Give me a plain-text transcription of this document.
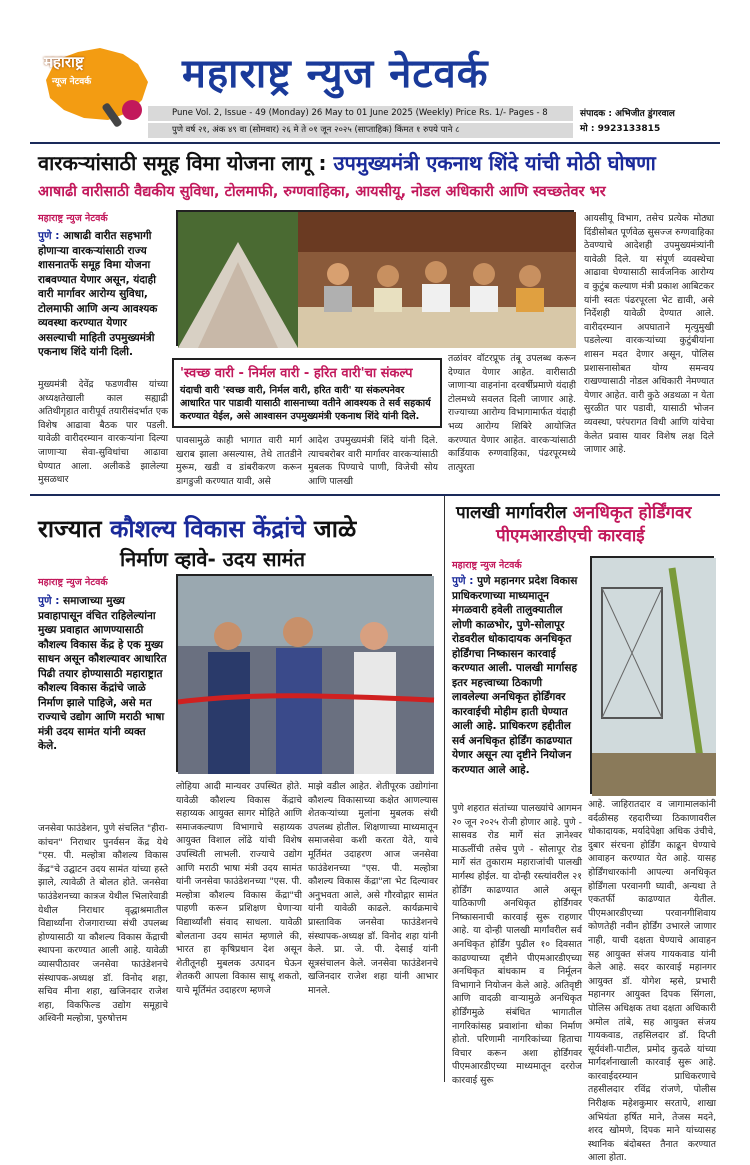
महाराष्ट्र
न्यूज नेटवर्क महाराष्ट्र न्युज नेटवर्क
Pune Vol. 2, Issue - 49 (Monday) 26 May to 01 June 2025 (Weekly) Price Rs. 1/- Pages - 8
पुणे वर्ष २१, अंक ४९ वा (सोमवार) २६ मे ते ०१ जून २०२५ (साप्ताहिक) किंमत १ रुपये पाने ८
संपादक : अभिजीत डुंगरवाल
मो : 9923133815
वारकऱ्यांसाठी समूह विमा योजना लागू : उपमुख्यमंत्री एकनाथ शिंदे यांची मोठी घोषणा
आषाढी वारीसाठी वैद्यकीय सुविधा, टोलमाफी, रुग्णवाहिका, आयसीयू, नोडल अधिकारी आणि स्वच्छतेवर भर
महाराष्ट्र न्युज नेटवर्क
पुणे : आषाढी वारीत सहभागी होणाऱ्या वारकऱ्यांसाठी राज्य शासनातर्फे समूह विमा योजना राबवण्यात येणार असून, यंदाही वारी मार्गावर आरोग्य सुविधा, टोलमाफी आणि अन्य आवश्यक व्यवस्था करण्यात येणार असल्याची माहिती उपमुख्यमंत्री एकनाथ शिंदे यांनी दिली.
मुख्यमंत्री देवेंद्र फडणवीस यांच्या अध्यक्षतेखाली काल सह्याद्री अतिथीगृहात वारीपूर्व तयारीसंदर्भात एक विशेष आढावा बैठक पार पडली. यावेळी वारीदरम्यान वारकऱ्यांना दिल्या जाणाऱ्या सेवा-सुविधांचा आढावा घेण्यात आला. अलीकडे झालेल्या मुसळधार
'स्वच्छ वारी - निर्मल वारी - हरित वारी'चा संकल्प
यंदाची वारी 'स्वच्छ वारी, निर्मल वारी, हरित वारी' या संकल्पनेवर आधारित पार पाडावी यासाठी शासनाच्या वतीने आवश्यक ते सर्व सहकार्य करण्यात येईल, असे आश्वासन उपमुख्यमंत्री एकनाथ शिंदे यांनी दिले.
पावसामुळे काही भागात वारी मार्ग खराब झाला असल्यास, तेथे तातडीने मुरूम, खडी व डांबरीकरण करून डागडुजी करण्यात यावी, असे
आदेश उपमुख्यमंत्री शिंदे यांनी दिले. त्याचबरोबर वारी मार्गावर वारकऱ्यांसाठी मुबलक पिण्याचे पाणी, विजेची सोय आणि पालखी
तळांवर वॉटरप्रूफ तंबू उपलब्ध करून देण्यात येणार आहेत. वारीसाठी जाणाऱ्या वाहनांना दरवर्षीप्रमाणे यंदाही टोलमध्ये सवलत दिली जाणार आहे. राज्याच्या आरोग्य विभागामार्फत यंदाही भव्य आरोग्य शिबिरे आयोजित करण्यात येणार आहेत. वारकऱ्यांसाठी कार्डियाक रुग्णवाहिका, पंढरपूरमध्ये तात्पुरता
आयसीयू विभाग, तसेच प्रत्येक मोठ्या दिंडीसोबत पूर्णवेळ सुसज्ज रुग्णवाहिका ठेवण्याचे आदेशही उपमुख्यमंत्र्यांनी यावेळी दिले. या संपूर्ण व्यवस्थेचा आढावा घेण्यासाठी सार्वजनिक आरोग्य व कुटुंब कल्याण मंत्री प्रकाश आबिटकर यांनी स्वतः पंढरपूरला भेट द्यावी, असे निर्देशही यावेळी देण्यात आले. वारीदरम्यान अपघाताने मृत्युमुखी पडलेल्या वारकऱ्यांच्या कुटुंबीयांना शासन मदत देणार असून, पोलिस प्रशासनासोबत योग्य समन्वय राखण्यासाठी नोडल अधिकारी नेमण्यात येणार आहेत. वारी कुठे अडथळा न येता सुरळीत पार पडावी, यासाठी भोजन व्यवस्था, परंपरागत विधी आणि यांचेचा केलेत प्रवास यावर विशेष लक्ष दिले जाणार आहे.
राज्यात कौशल्य विकास केंद्रांचे जाळे
निर्माण व्हावे- उदय सामंत
महाराष्ट्र न्युज नेटवर्क
पुणे : समाजाच्या मुख्य प्रवाहापासून वंचित राहिलेल्यांना मुख्य प्रवाहात आणण्यासाठी कौशल्य विकास केंद्र हे एक मुख्य साधन असून कौशल्यावर आधारित पिढी तयार होण्यासाठी महाराष्ट्रात कौशल्य विकास केंद्रांचे जाळे निर्माण झाले पाहिजे, असे मत राज्याचे उद्योग आणि मराठी भाषा मंत्री उदय सामंत यांनी व्यक्त केले.
जनसेवा फाउंडेशन, पुणे संचलित "हीरा-कांचन" निराधार पुनर्वसन केंद्र येथे "एस. पी. मल्होत्रा कौशल्य विकास केंद्र"चे उद्घाटन उदय सामंत यांच्या हस्ते झाले, त्यावेळी ते बोलत होते. जनसेवा फाउंडेशनच्या कात्रज येथील भिलारेवाडी येथील निराधार वृद्धाश्रमातील विद्यार्थ्यांना रोजगाराच्या संधी उपलब्ध होण्यासाठी या कौशल्य विकास केंद्राची स्थापना करण्यात आली आहे. यावेळी व्यासपीठावर जनसेवा फाउंडेशनचे संस्थापक-अध्यक्ष डॉ. विनोद शहा, सचिव मीना शहा, खजिनदार राजेश शहा, विकफिल्ड उद्योग समूहाचे अश्विनी मल्होत्रा, पुरुषोत्तम
लोहिया आदी मान्यवर उपस्थित होते. यावेळी कौशल्य विकास केंद्राचे सहाय्यक आयुक्त सागर मोहिते आणि समाजकल्याण विभागाचे सहाय्यक आयुक्त विशाल लोंढे यांची विशेष उपस्थिती लाभली. राज्याचे उद्योग आणि मराठी भाषा मंत्री उदय सामंत यांनी जनसेवा फाउंडेशनच्या "एस. पी. मल्होत्रा कौशल्य विकास केंद्रा"ची पाहणी करून प्रशिक्षण घेणाऱ्या विद्यार्थ्यांशी संवाद साधला. यावेळी बोलताना उदय सामंत म्हणाले की, भारत हा कृषिप्रधान देश असून शेतीतूनही मुबलक उत्पादन घेऊन शेतकरी आपला विकास साधू शकतो, याचे मूर्तिमंत उदाहरण म्हणजे
माझे वडील आहेत. शेतीपूरक उद्योगांना कौशल्य विकासाच्या कक्षेत आणल्यास शेतकऱ्यांच्या मुलांना मुबलक संधी उपलब्ध होतील. शिक्षणाच्या माध्यमातून समाजसेवा कशी करता येते, याचे मूर्तिमंत उदाहरण आज जनसेवा फाउंडेशनच्या "एस. पी. मल्होत्रा कौशल्य विकास केंद्रा"ला भेट दिल्यावर अनुभवता आले, असे गौरवोद्गार सामंत यांनी यावेळी काढले. कार्यक्रमाचे प्रास्ताविक जनसेवा फाउंडेशनचे संस्थापक-अध्यक्ष डॉ. विनोद शहा यांनी केले. प्रा. जे. पी. देसाई यांनी सूत्रसंचालन केले. जनसेवा फाउंडेशनचे खजिनदार राजेश शहा यांनी आभार मानले.
पालखी मार्गावरील अनधिकृत होर्डिंगवर
पीएमआरडीएची कारवाई
महाराष्ट्र न्युज नेटवर्क
पुणे : पुणे महानगर प्रदेश विकास प्राधिकरणाच्या माध्यमातून मंगळवारी हवेली तालुक्यातील लोणी काळभोर, पुणे-सोलापूर रोडवरील धोकादायक अनधिकृत होर्डिंगचा निष्कासन कारवाई करण्यात आली. पालखी मार्गासह इतर महत्त्वाच्या ठिकाणी लावलेल्या अनधिकृत होर्डिंगवर कारवाईची मोहीम हाती घेण्यात आली आहे. प्राधिकरण हद्दीतील सर्व अनधिकृत होर्डिंग काढण्यात येणार असून त्या दृष्टीने नियोजन करण्यात आले आहे.
पुणे शहरात संतांच्या पालख्यांचे आगमन २० जून २०२५ रोजी होणार आहे. पुणे - सासवड रोड मार्गे संत ज्ञानेश्वर माऊलींची तसेच पुणे - सोलापूर रोड मार्गे संत तुकाराम महाराजांची पालखी मार्गस्थ होईल. या दोन्ही रस्त्यांवरील २१ होर्डिंग काढण्यात आले असून याठिकाणी अनधिकृत होर्डिंगवर निष्कासनाची कारवाई सुरू राहणार आहे. या दोन्ही पालखी मार्गांवरील सर्व अनधिकृत होर्डिंग पुढील १० दिवसात काढण्याच्या दृष्टीने पीएमआरडीएच्या अनधिकृत बांधकाम व निर्मूलन विभागाने नियोजन केले आहे. अतिवृष्टी आणि वादळी वाऱ्यामुळे अनधिकृत होर्डिंगमुळे संबंधित भागातील नागरिकांसह प्रवाशांना धोका निर्माण होतो. परिणामी नागरिकांच्या हिताचा विचार करून अशा होर्डिंगवर पीएमआरडीएच्या माध्यमातून दररोज कारवाई सुरू
आहे. जाहिरातदार व जागामालकांनी वर्दळीसह रहदारीच्या ठिकाणावरील धोकादायक, मर्यादेपेक्षा अधिक उंचीचे, दुबार संरचना होर्डिंग काढून घेण्याचे आवाहन करण्यात येत आहे. यासह होर्डिंगधारकांनी आपल्या अनधिकृत होर्डिंगला परवानगी घ्यावी, अन्यथा ते एकतर्फी काढण्यात येतील. पीएमआरडीएच्या परवानगीशिवाय कोणतेही नवीन होर्डिंग उभारले जाणार नाही, याची दक्षता घेण्याचे आवाहन सह आयुक्त संजय गायकवाड यांनी केले आहे. सदर कारवाई महानगर आयुक्त डॉ. योगेश म्हसे, प्रभारी महानगर आयुक्त दिपक सिंगला, पोलिस अधिक्षक तथा दक्षता अधिकारी अमोल तांबे, सह आयुक्त संजय गायकवाड, तहसिलदार डॉ. दिप्ती सूर्यवंशी-पाटील, प्रमोद कुदळे यांच्या मार्गदर्शनाखाली कारवाई सुरू आहे. कारवाईदरम्यान प्राधिकरणाचे तहसीलदार रविंद्र रांजणे, पोलीस निरीक्षक महेशकुमार सरतापे, शाखा अभियंता हर्षित माने, तेजस मदने, शरद खोमणे, दिपक माने यांच्यासह स्थानिक बंदोबस्त तैनात करण्यात आला होता.
